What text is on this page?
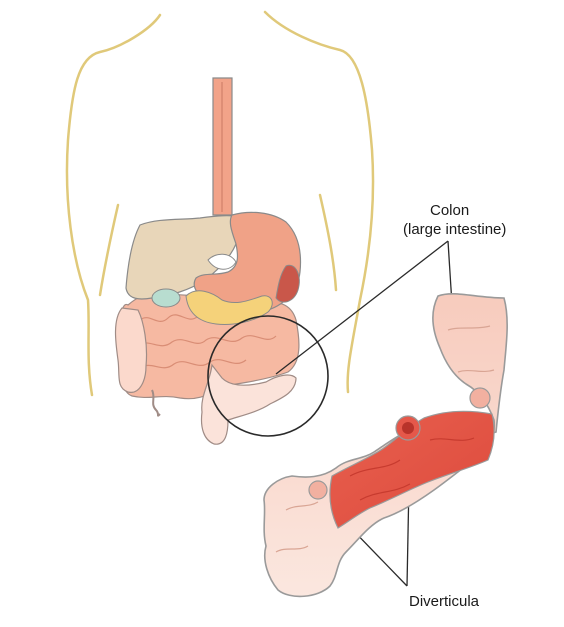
Colon
(large intestine)
Diverticula
